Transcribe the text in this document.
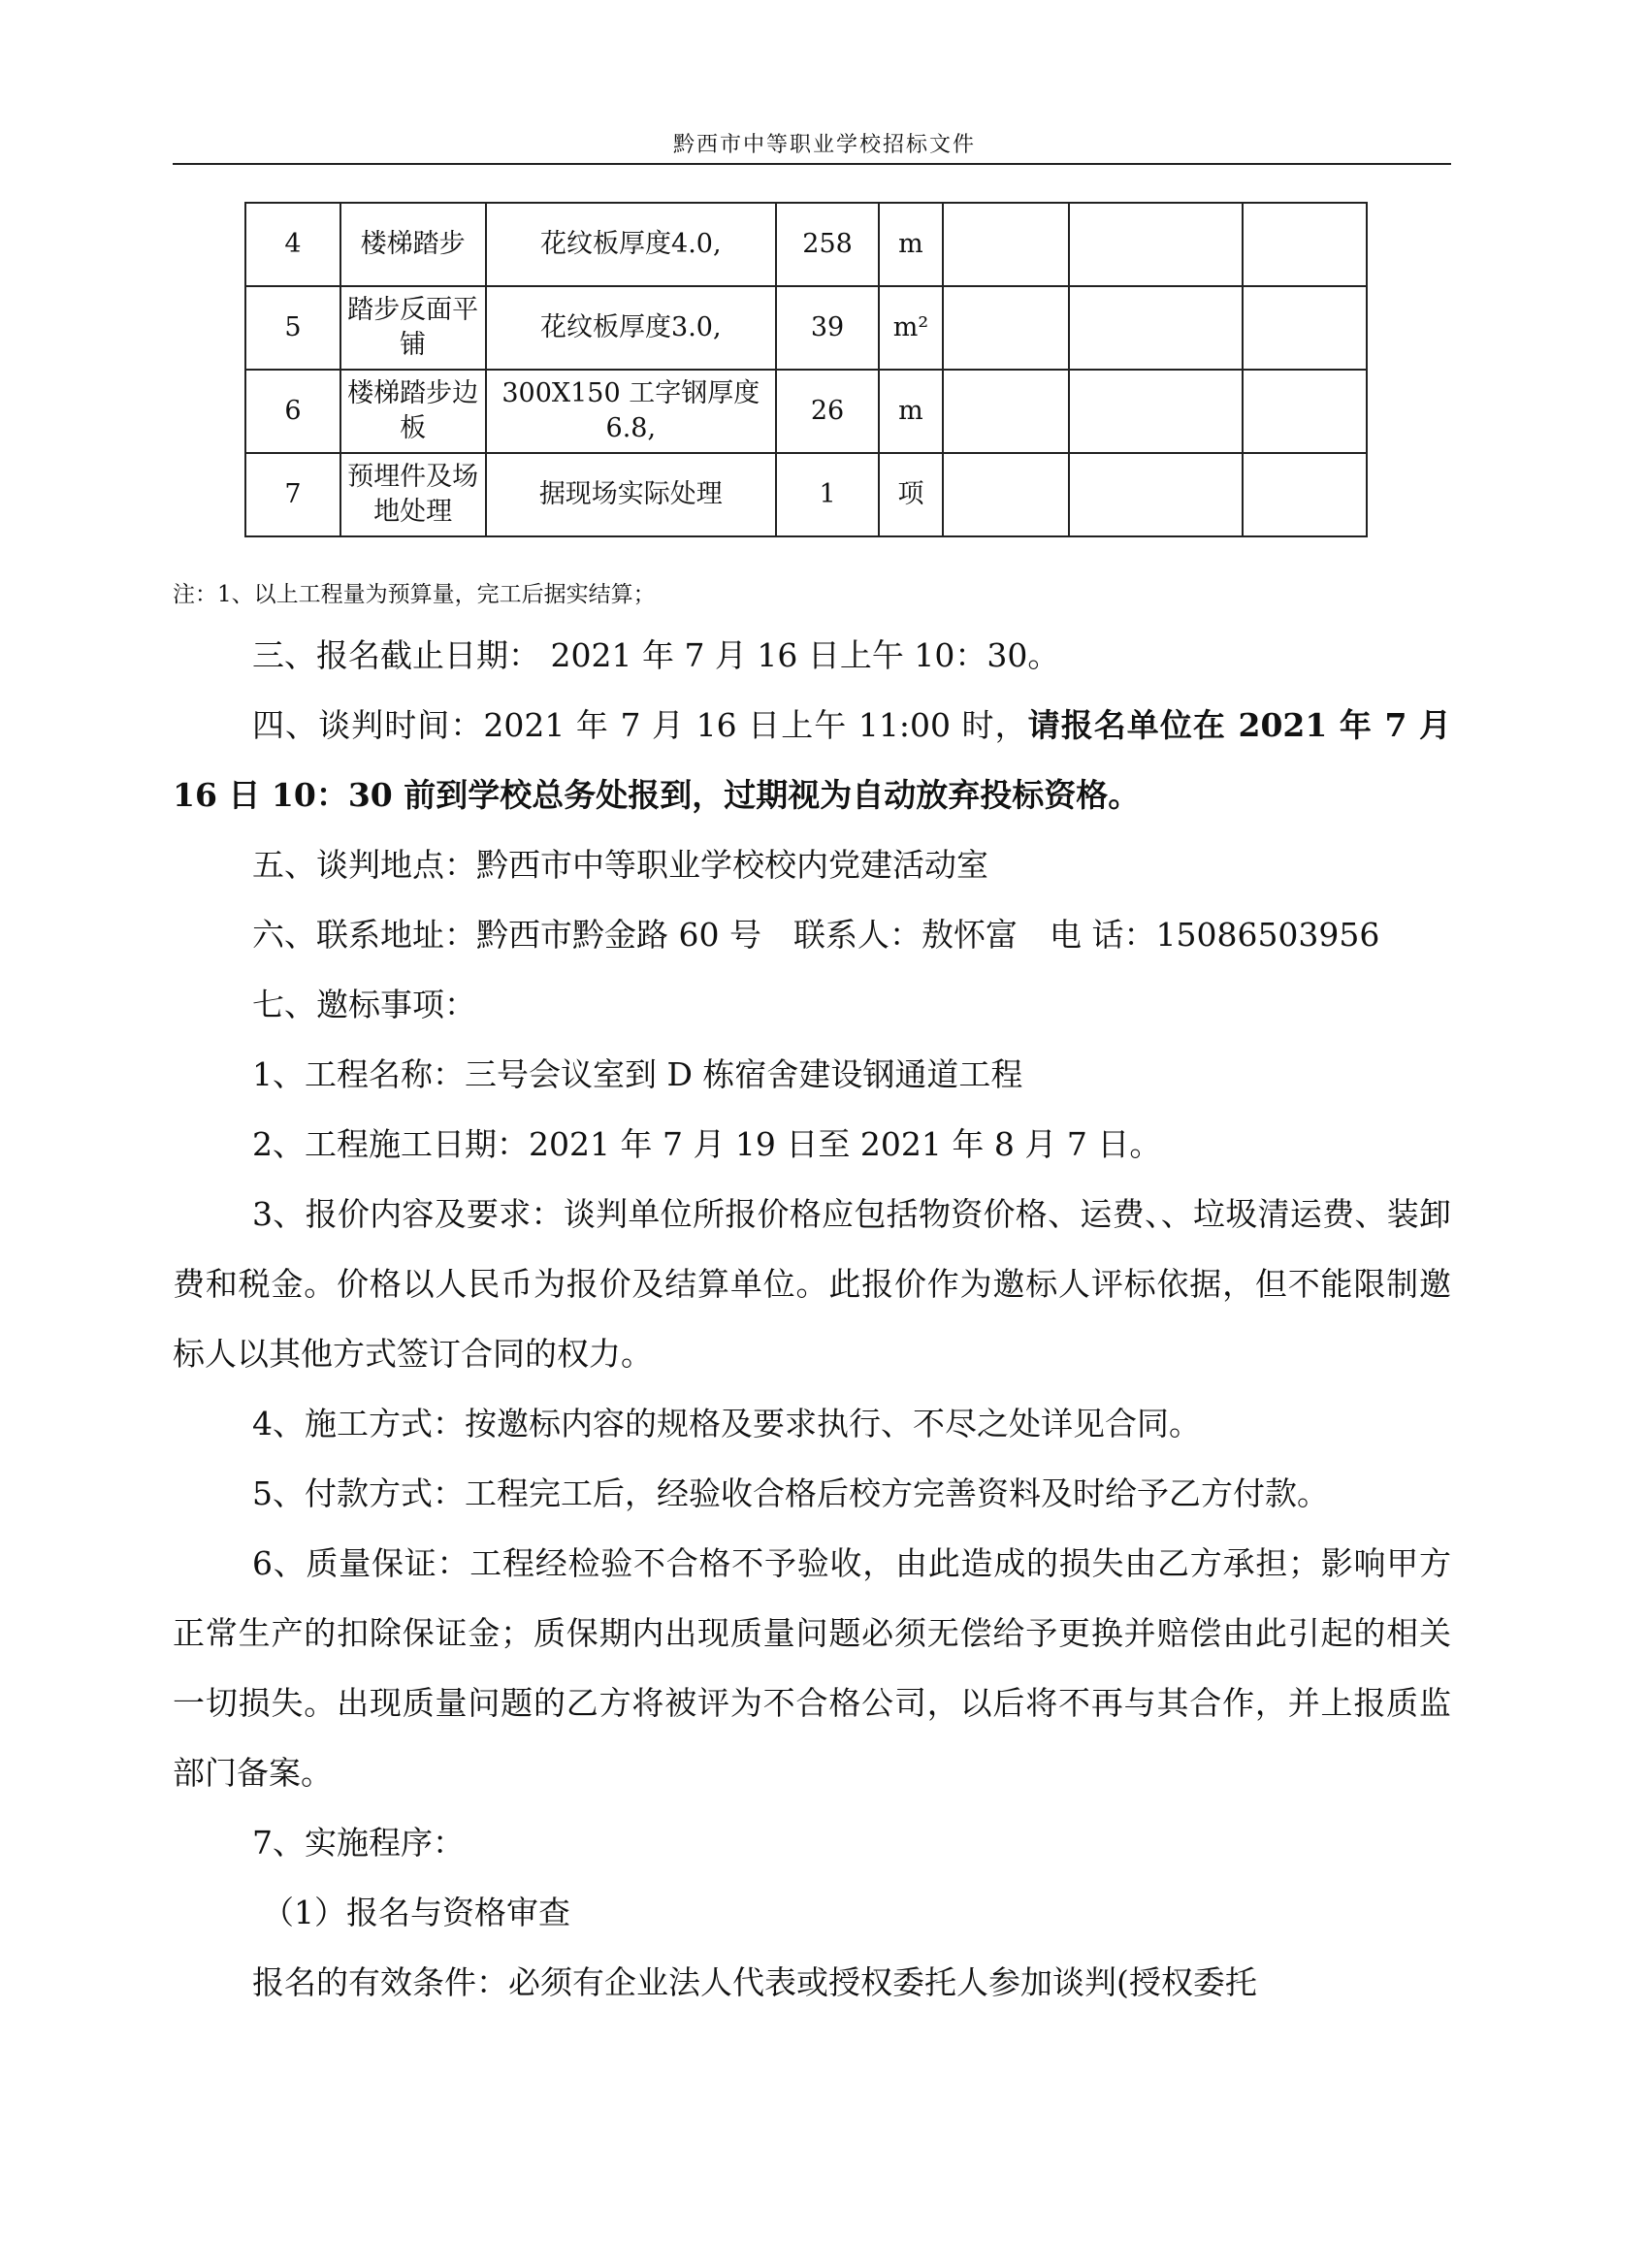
黔西市中等职业学校招标文件
4	楼梯踏步	花纹板厚度4.0,	258	m			
5	踏步反面平铺	花纹板厚度3.0,	39	m²			
6	楼梯踏步边板	300X150 工字钢厚度6.8,	26	m			
7	预埋件及场地处理	据现场实际处理	1	项			
注：1、以上工程量为预算量，完工后据实结算；

三、报名截止日期： 2021 年 7 月 16 日上午 10：30。

四、谈判时间：2021 年 7 月 16 日上午 11:00 时，请报名单位在 2021 年 7 月 16 日 10：30 前到学校总务处报到，过期视为自动放弃投标资格。

五、谈判地点：黔西市中等职业学校校内党建活动室

六、联系地址：黔西市黔金路 60 号　联系人：敖怀富　电 话：15086503956

七、邀标事项：

1、工程名称：三号会议室到 D 栋宿舍建设钢通道工程

2、工程施工日期：2021 年 7 月 19 日至 2021 年 8 月 7 日。

3、报价内容及要求：谈判单位所报价格应包括物资价格、运费、、垃圾清运费、装卸费和税金。价格以人民币为报价及结算单位。此报价作为邀标人评标依据，但不能限制邀标人以其他方式签订合同的权力。

4、施工方式：按邀标内容的规格及要求执行、不尽之处详见合同。

5、付款方式：工程完工后，经验收合格后校方完善资料及时给予乙方付款。

6、质量保证：工程经检验不合格不予验收，由此造成的损失由乙方承担；影响甲方正常生产的扣除保证金；质保期内出现质量问题必须无偿给予更换并赔偿由此引起的相关一切损失。出现质量问题的乙方将被评为不合格公司，以后将不再与其合作，并上报质监部门备案。

7、实施程序：

（1）报名与资格审查

报名的有效条件：必须有企业法人代表或授权委托人参加谈判(授权委托
